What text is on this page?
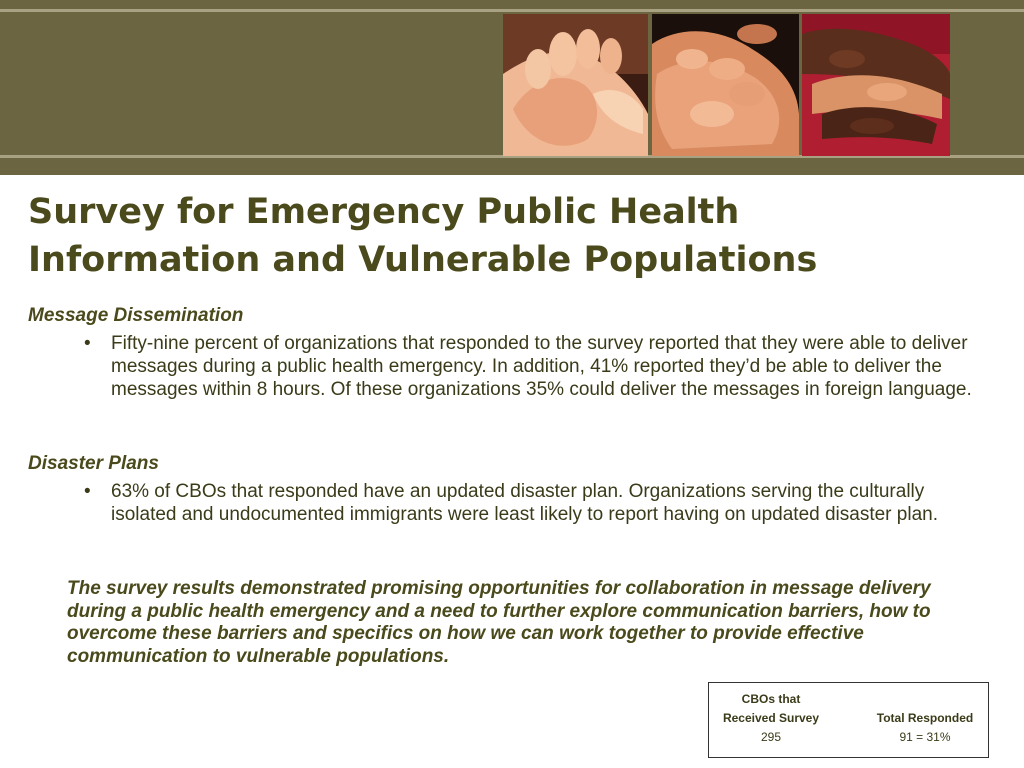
Survey for Emergency Public Health
Information and Vulnerable Populations
Message Dissemination
• Fifty-nine percent of organizations that responded to the survey reported that they were able to deliver messages during a public health emergency. In addition, 41% reported they’d be able to deliver the messages within 8 hours. Of these organizations 35% could deliver the messages in foreign language.
Disaster Plans
• 63% of CBOs that responded have an updated disaster plan. Organizations serving the culturally isolated and undocumented immigrants were least likely to report having on updated disaster plan.

The survey results demonstrated promising opportunities for collaboration in message delivery during a public health emergency and a need to further explore communication barriers, how to overcome these barriers and specifics on how we can work together to provide effective communication to vulnerable populations.

CBOs that
Received Survey
295
Total Responded
91 = 31%
